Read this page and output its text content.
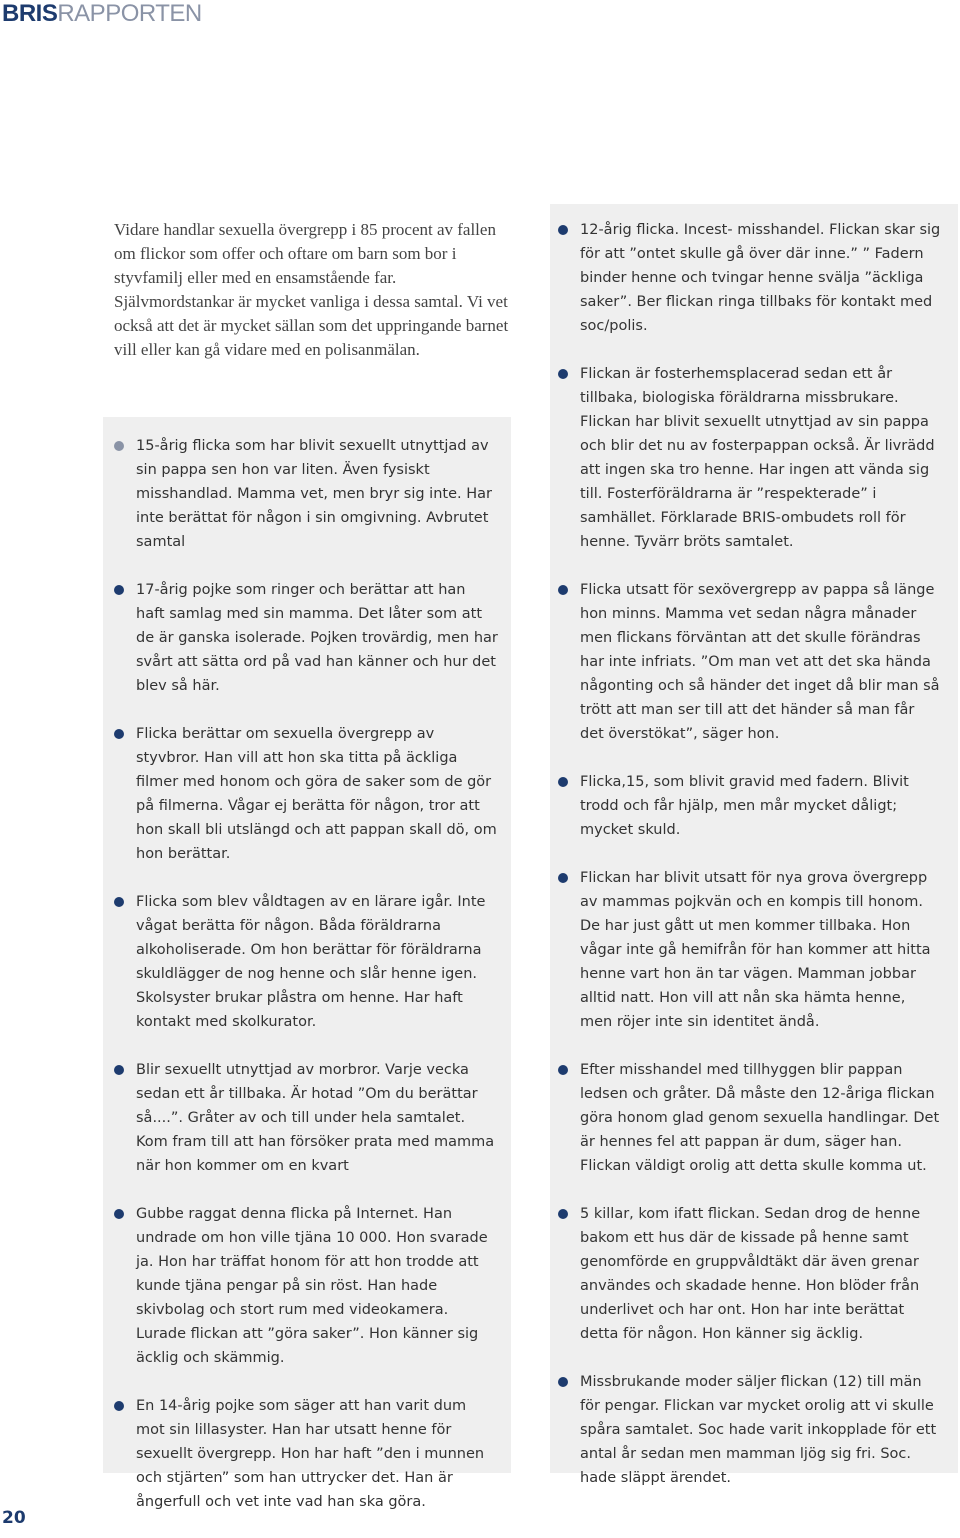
BRIS RAPPORTEN

Vidare handlar sexuella övergrepp i 85 procent av fallen om flickor som offer och oftare om barn som bor i styvfamilj eller med en ensamstående far. Självmordstankar är mycket vanliga i dessa samtal. Vi vet också att det är mycket sällan som det uppringande barnet vill eller kan gå vidare med en polisanmälan.

15-årig flicka som har blivit sexuellt utnyttjad av sin pappa sen hon var liten. Även fysiskt misshandlad. Mamma vet, men bryr sig inte. Har inte berättat för någon i sin omgivning. Avbrutet samtal
17-årig pojke som ringer och berättar att han haft samlag med sin mamma. Det låter som att de är ganska isolerade. Pojken trovärdig, men har svårt att sätta ord på vad han känner och hur det blev så här.
Flicka berättar om sexuella övergrepp av styvbror. Han vill att hon ska titta på äckliga filmer med honom och göra de saker som de gör på filmerna. Vågar ej berätta för någon, tror att hon skall bli utslängd och att pappan skall dö, om hon berättar.
Flicka som blev våldtagen av en lärare igår. Inte vågat berätta för någon. Båda föräldrarna alkoholiserade. Om hon berättar för föräldrarna skuldlägger de nog henne och slår henne igen. Skolsyster brukar plåstra om henne. Har haft kontakt med skolkurator.
Blir sexuellt utnyttjad av morbror. Varje vecka sedan ett år tillbaka. Är hotad ”Om du berättar så....”. Gråter av och till under hela samtalet. Kom fram till att han försöker prata med mamma när hon kommer om en kvart
Gubbe raggat denna flicka på Internet. Han undrade om hon ville tjäna 10 000. Hon svarade ja. Hon har träffat honom för att hon trodde att kunde tjäna pengar på sin röst. Han hade skivbolag och stort rum med videokamera. Lurade flickan att ”göra saker”. Hon känner sig äcklig och skämmig.
En 14-årig pojke som säger att han varit dum mot sin lillasyster. Han har utsatt henne för sexuellt övergrepp. Hon har haft ”den i munnen och stjärten” som han uttrycker det. Han är ångerfull och vet inte vad han ska göra.
12-årig flicka. Incest- misshandel. Flickan skar sig för att ”ontet skulle gå över där inne.” ” Fadern binder henne och tvingar henne svälja ”äckliga saker”. Ber flickan ringa tillbaks för kontakt med soc/polis.
Flickan är fosterhemsplacerad sedan ett år tillbaka, biologiska föräldrarna missbrukare. Flickan har blivit sexuellt utnyttjad av sin pappa och blir det nu av fosterpappan också. Är livrädd att ingen ska tro henne. Har ingen att vända sig till. Fosterföräldrarna är ”respekterade” i samhället. Förklarade BRIS-ombudets roll för henne. Tyvärr bröts samtalet.
Flicka utsatt för sexövergrepp av pappa så länge hon minns. Mamma vet sedan några månader men flickans förväntan att det skulle förändras har inte infriats. ”Om man vet att det ska hända någonting och så händer det inget då blir man så trött att man ser till att det händer så man får det överstökat”, säger hon.
Flicka,15, som blivit gravid med fadern. Blivit trodd och får hjälp, men mår mycket dåligt; mycket skuld.
Flickan har blivit utsatt för nya grova övergrepp av mammas pojkvän och en kompis till honom. De har just gått ut men kommer tillbaka. Hon vågar inte gå hemifrån för han kommer att hitta henne vart hon än tar vägen. Mamman jobbar alltid natt. Hon vill att nån ska hämta henne, men röjer inte sin identitet ändå.
Efter misshandel med tillhyggen blir pappan ledsen och gråter. Då måste den 12-åriga flickan göra honom glad genom sexuella handlingar. Det är hennes fel att pappan är dum, säger han. Flickan väldigt orolig att detta skulle komma ut.
5 killar, kom ifatt flickan. Sedan drog de henne bakom ett hus där de kissade på henne samt genomförde en gruppvåldtäkt där även grenar användes och skadade henne. Hon blöder från underlivet och har ont. Hon har inte berättat detta för någon. Hon känner sig äcklig.
Missbrukande moder säljer flickan (12) till män för pengar. Flickan var mycket orolig att vi skulle spåra samtalet. Soc hade varit inkopplade för ett antal år sedan men mamman ljög sig fri. Soc. hade släppt ärendet.
20
